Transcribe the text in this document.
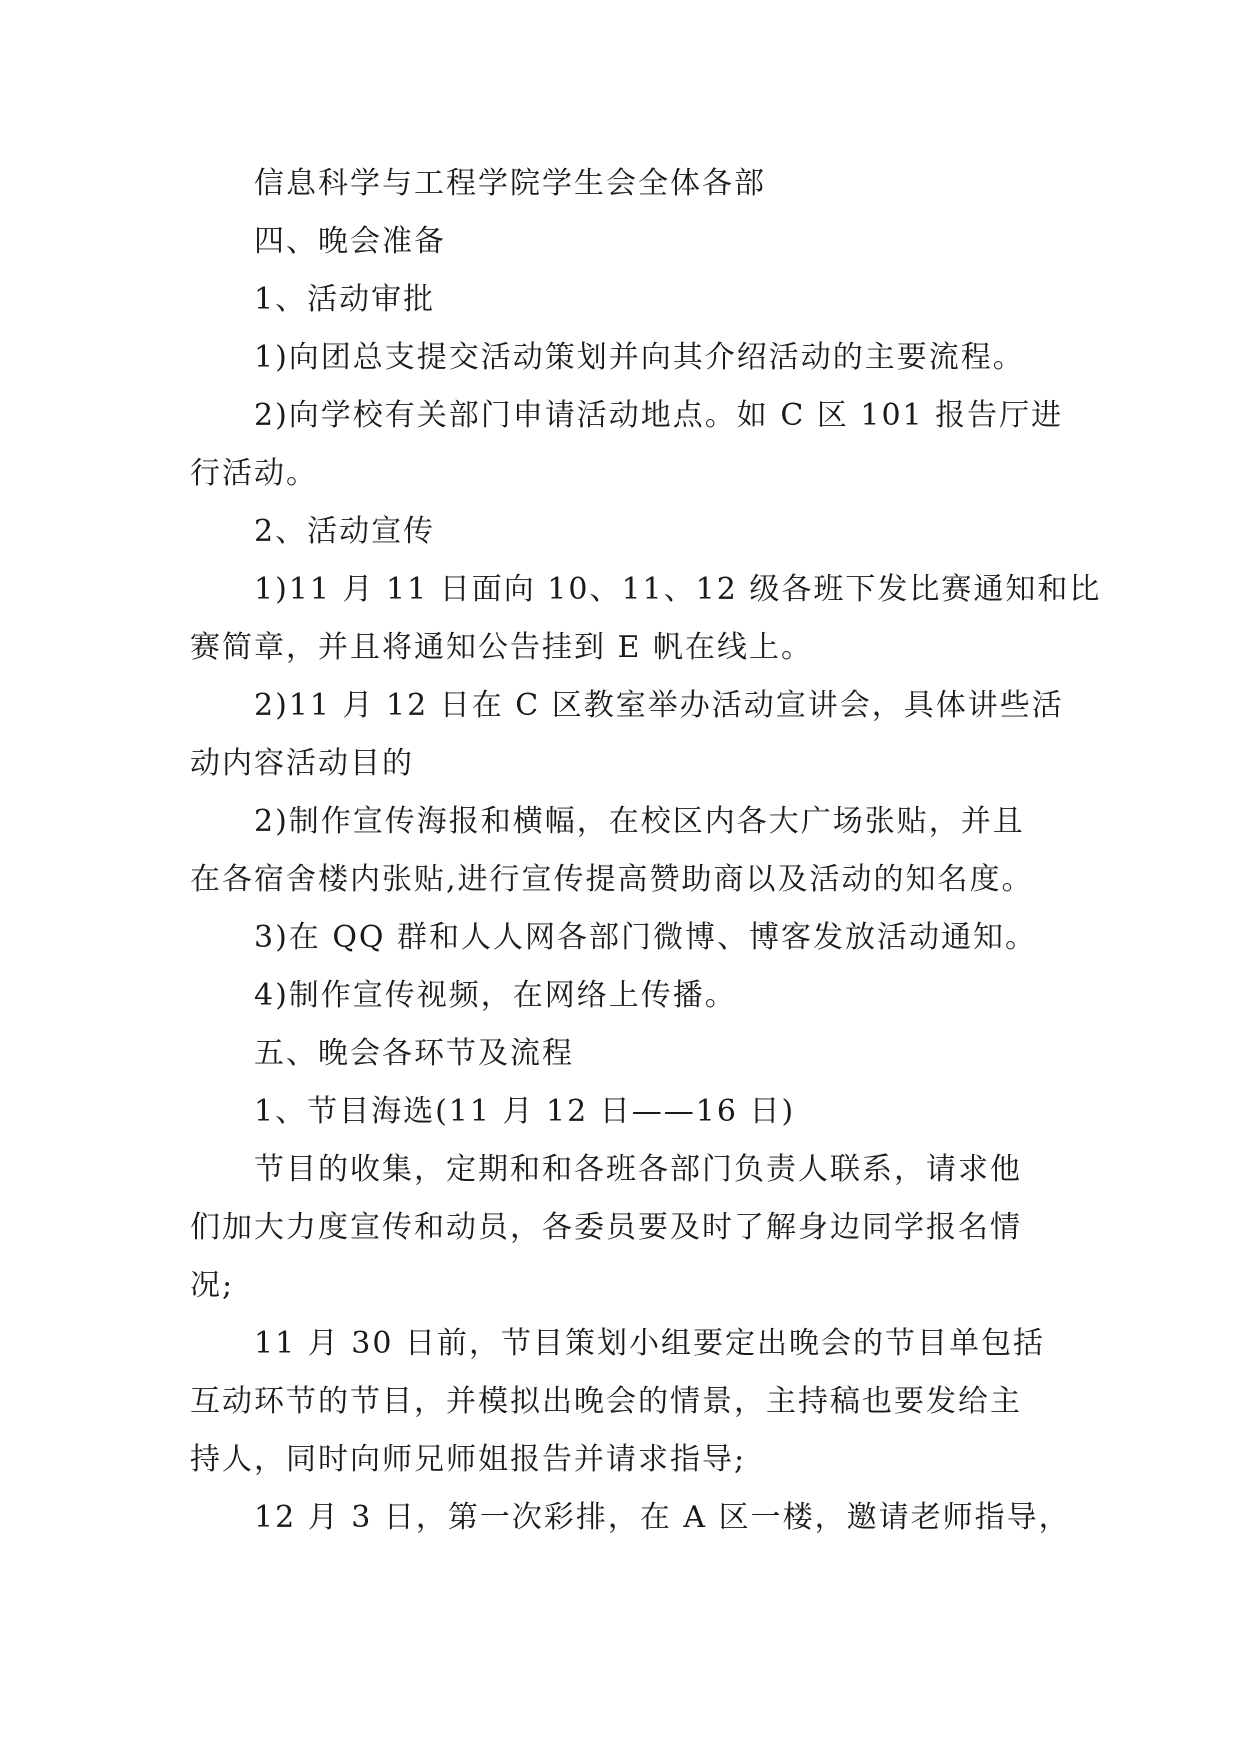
信息科学与工程学院学生会全体各部
四、晚会准备
1、活动审批
1)向团总支提交活动策划并向其介绍活动的主要流程。
2)向学校有关部门申请活动地点。如 C 区 101 报告厅进
行活动。
2、活动宣传
1)11 月 11 日面向 10、11、12 级各班下发比赛通知和比
赛简章，并且将通知公告挂到 E 帆在线上。
2)11 月 12 日在 C 区教室举办活动宣讲会，具体讲些活
动内容活动目的
2)制作宣传海报和横幅，在校区内各大广场张贴，并且
在各宿舍楼内张贴,进行宣传提高赞助商以及活动的知名度。
3)在 QQ 群和人人网各部门微博、博客发放活动通知。
4)制作宣传视频，在网络上传播。
五、晚会各环节及流程
1、节目海选(11 月 12 日——16 日)
节目的收集，定期和和各班各部门负责人联系，请求他
们加大力度宣传和动员，各委员要及时了解身边同学报名情
况;
11 月 30 日前，节目策划小组要定出晚会的节目单包括
互动环节的节目，并模拟出晚会的情景，主持稿也要发给主
持人，同时向师兄师姐报告并请求指导;
12 月 3 日，第一次彩排，在 A 区一楼，邀请老师指导，
